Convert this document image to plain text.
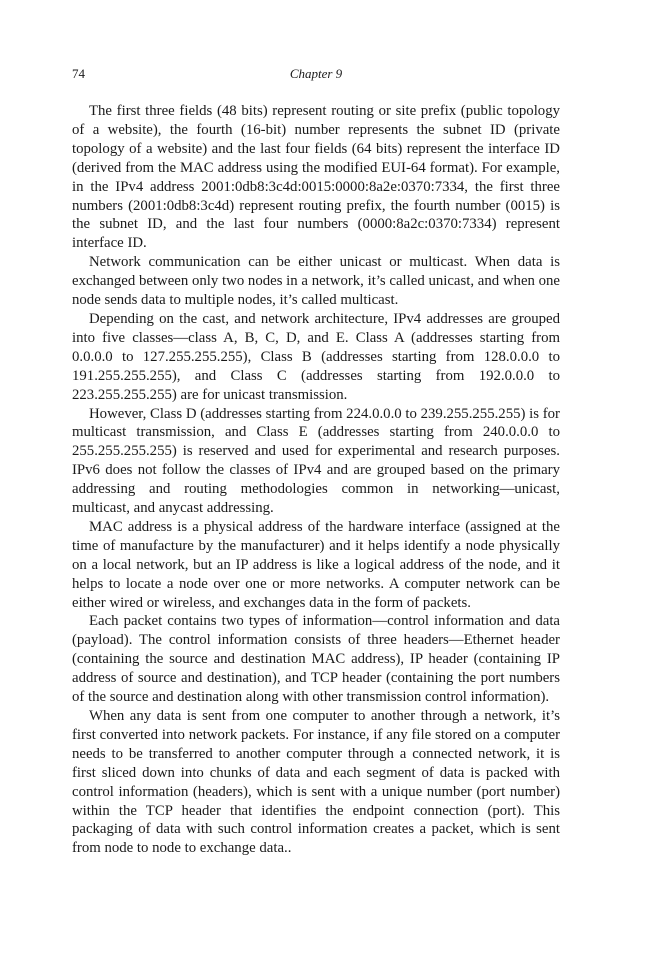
74	Chapter 9

The first three fields (48 bits) represent routing or site prefix (public topology of a website), the fourth (16-bit) number represents the subnet ID (private topology of a website) and the last four fields (64 bits) represent the interface ID (derived from the MAC address using the modified EUI-64 format). For example, in the IPv4 address 2001:0db8:3c4d:0015:0000:8a2e:0370:7334, the first three numbers (2001:0db8:3c4d) represent routing prefix, the fourth number (0015) is the subnet ID, and the last four numbers (0000:8a2c:0370:7334) represent interface ID.

Network communication can be either unicast or multicast. When data is exchanged between only two nodes in a network, it’s called unicast, and when one node sends data to multiple nodes, it’s called multicast.

Depending on the cast, and network architecture, IPv4 addresses are grouped into five classes—class A, B, C, D, and E. Class A (addresses starting from 0.0.0.0 to 127.255.255.255), Class B (addresses starting from 128.0.0.0 to 191.255.255.255), and Class C (addresses starting from 192.0.0.0 to 223.255.255.255) are for unicast transmission.

However, Class D (addresses starting from 224.0.0.0 to 239.255.255.255) is for multicast transmission, and Class E (addresses starting from 240.0.0.0 to 255.255.255.255) is reserved and used for experimental and research purposes. IPv6 does not follow the classes of IPv4 and are grouped based on the primary addressing and routing methodologies common in networking—unicast, multicast, and anycast addressing.

MAC address is a physical address of the hardware interface (assigned at the time of manufacture by the manufacturer) and it helps identify a node physically on a local network, but an IP address is like a logical address of the node, and it helps to locate a node over one or more networks. A computer network can be either wired or wireless, and exchanges data in the form of packets.

Each packet contains two types of information—control information and data (payload). The control information consists of three headers—Ethernet header (containing the source and destination MAC address), IP header (containing IP address of source and destination), and TCP header (containing the port numbers of the source and destination along with other transmission control information).

When any data is sent from one computer to another through a network, it’s first converted into network packets. For instance, if any file stored on a computer needs to be transferred to another computer through a connected network, it is first sliced down into chunks of data and each segment of data is packed with control information (headers), which is sent with a unique number (port number) within the TCP header that identifies the endpoint connection (port). This packaging of data with such control information creates a packet, which is sent from node to node to exchange data..
